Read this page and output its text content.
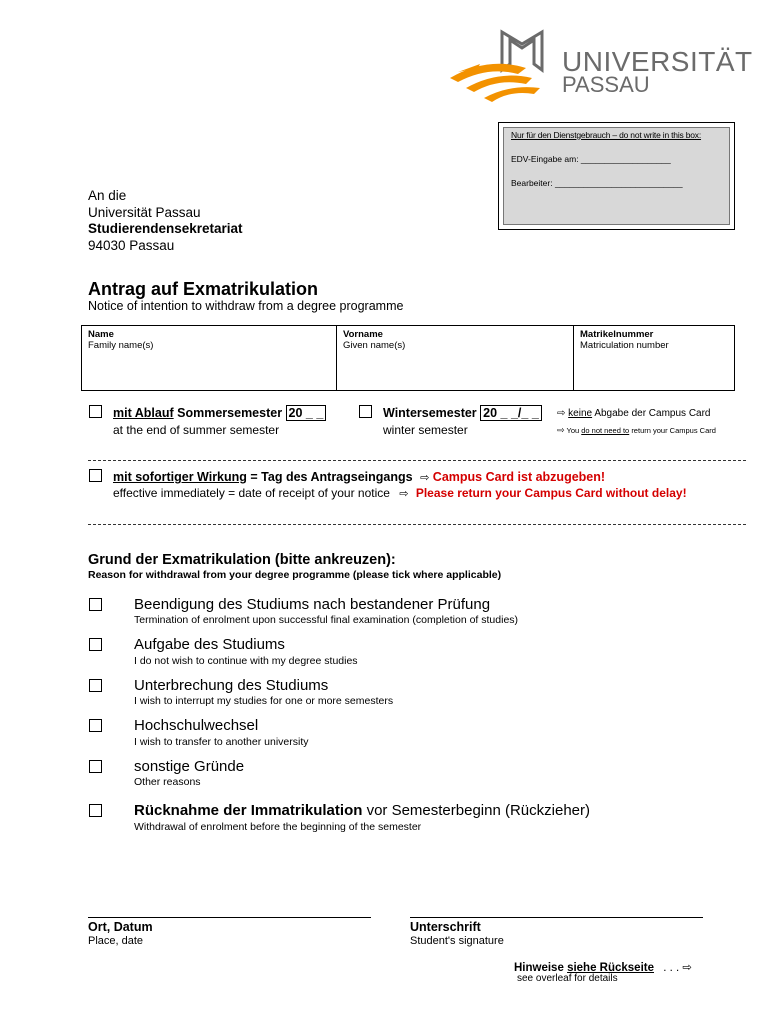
UNIVERSITÄT
PASSAU
Nur für den Dienstgebrauch – do not write in this box:
EDV-Eingabe am: ___________________
Bearbeiter: ___________________________
An die
Universität Passau
Studierendensekretariat
94030 Passau
Antrag auf Exmatrikulation
Notice of intention to withdraw from a degree programme
Name
Family name(s)
Vorname
Given name(s)
Matrikelnummer
Matriculation number
mit Ablauf Sommersemester 20 _ _
at the end of summer semester
Wintersemester 20 _ _/_ _
winter semester
⇨ keine Abgabe der Campus Card
⇨ You do not need to return your Campus Card
mit sofortiger Wirkung = Tag des Antragseingangs ⇨ Campus Card ist abzugeben!
effective immediately = date of receipt of your notice ⇨ Please return your Campus Card without delay!
Grund der Exmatrikulation (bitte ankreuzen):
Reason for withdrawal from your degree programme (please tick where applicable)
Beendigung des Studiums nach bestandener Prüfung
Termination of enrolment upon successful final examination (completion of studies)
Aufgabe des Studiums
I do not wish to continue with my degree studies
Unterbrechung des Studiums
I wish to interrupt my studies for one or more semesters
Hochschulwechsel
I wish to transfer to another university
sonstige Gründe
Other reasons
Rücknahme der Immatrikulation vor Semesterbeginn (Rückzieher)
Withdrawal of enrolment before the beginning of the semester
Ort, Datum
Place, date
Unterschrift
Student's signature
Hinweise siehe Rückseite . . . ⇨
see overleaf for details
